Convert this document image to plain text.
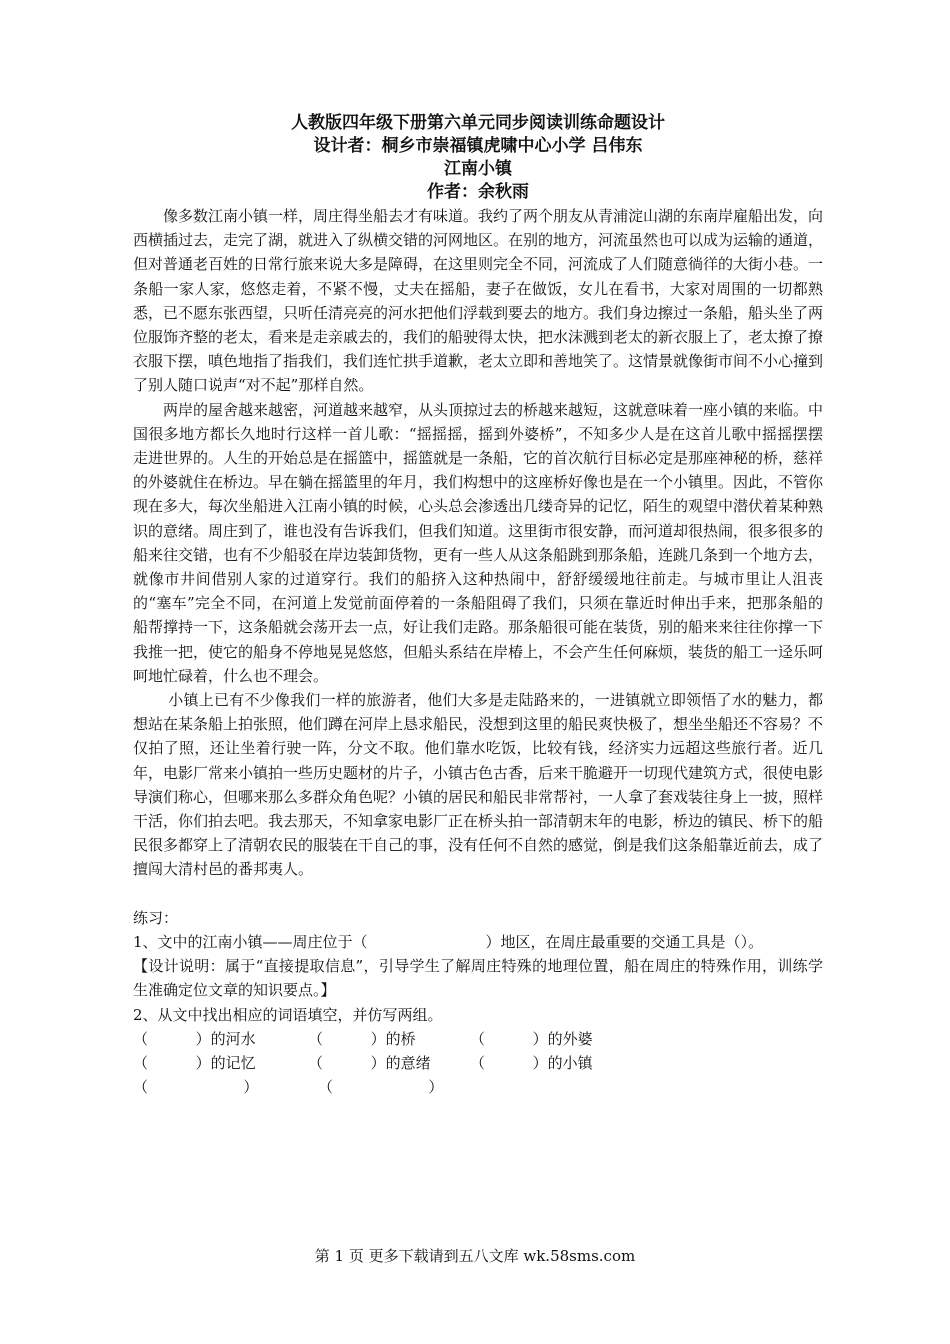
人教版四年级下册第六单元同步阅读训练命题设计

设计者：桐乡市崇福镇虎啸中心小学 吕伟东

江南小镇

作者：余秋雨

像多数江南小镇一样，周庄得坐船去才有味道。我约了两个朋友从青浦淀山湖的东南岸雇船出发，向西横插过去，走完了湖，就进入了纵横交错的河网地区。在别的地方，河流虽然也可以成为运输的通道，但对普通老百姓的日常行旅来说大多是障碍，在这里则完全不同，河流成了人们随意徜徉的大街小巷。一条船一家人家，悠悠走着，不紧不慢，丈夫在摇船，妻子在做饭，女儿在看书，大家对周围的一切都熟悉，已不愿东张西望，只听任清亮亮的河水把他们浮载到要去的地方。我们身边擦过一条船，船头坐了两位服饰齐整的老太，看来是走亲戚去的，我们的船驶得太快，把水沫溅到老太的新衣服上了，老太撩了撩衣服下摆，嗔色地指了指我们，我们连忙拱手道歉，老太立即和善地笑了。这情景就像街市间不小心撞到了别人随口说声“对不起”那样自然。

两岸的屋舍越来越密，河道越来越窄，从头顶掠过去的桥越来越短，这就意味着一座小镇的来临。中国很多地方都长久地时行这样一首儿歌：“摇摇摇，摇到外婆桥”，不知多少人是在这首儿歌中摇摇摆摆走进世界的。人生的开始总是在摇篮中，摇篮就是一条船，它的首次航行目标必定是那座神秘的桥，慈祥的外婆就住在桥边。早在躺在摇篮里的年月，我们构想中的这座桥好像也是在一个小镇里。因此，不管你现在多大，每次坐船进入江南小镇的时候，心头总会渗透出几缕奇异的记忆，陌生的观望中潜伏着某种熟识的意绪。周庄到了，谁也没有告诉我们，但我们知道。这里街市很安静，而河道却很热闹，很多很多的船来往交错，也有不少船驳在岸边装卸货物，更有一些人从这条船跳到那条船，连跳几条到一个地方去，就像市井间借别人家的过道穿行。我们的船挤入这种热闹中，舒舒缓缓地往前走。与城市里让人沮丧的“塞车”完全不同，在河道上发觉前面停着的一条船阻碍了我们，只须在靠近时伸出手来，把那条船的船帮撑持一下，这条船就会荡开去一点，好让我们走路。那条船很可能在装货，别的船来来往往你撑一下我推一把，使它的船身不停地晃晃悠悠，但船头系结在岸椿上，不会产生任何麻烦，装货的船工一迳乐呵呵地忙碌着，什么也不理会。

小镇上已有不少像我们一样的旅游者，他们大多是走陆路来的，一进镇就立即领悟了水的魅力，都想站在某条船上拍张照，他们蹲在河岸上恳求船民，没想到这里的船民爽快极了，想坐坐船还不容易？不仅拍了照，还让坐着行驶一阵，分文不取。他们靠水吃饭，比较有钱，经济实力远超这些旅行者。近几年，电影厂常来小镇拍一些历史题材的片子，小镇古色古香，后来干脆避开一切现代建筑方式，很使电影导演们称心，但哪来那么多群众角色呢？小镇的居民和船民非常帮衬，一人拿了套戏装往身上一披，照样干活，你们拍去吧。我去那天，不知拿家电影厂正在桥头拍一部清朝末年的电影，桥边的镇民、桥下的船民很多都穿上了清朝农民的服装在干自己的事，没有任何不自然的感觉，倒是我们这条船靠近前去，成了擅闯大清村邑的番邦夷人。

练习：

1、文中的江南小镇——周庄位于（	）地区，在周庄最重要的交通工具是（）。

【设计说明：属于“直接提取信息”，引导学生了解周庄特殊的地理位置，船在周庄的特殊作用，训练学生准确定位文章的知识要点。】

2、从文中找出相应的词语填空，并仿写两组。

（          ）的河水	（          ）的桥	（          ）的外婆
（          ）的记忆	（          ）的意绪	（          ）的小镇
（                    ）	（                    ）
第 1 页 更多下载请到五八文库 wk.58sms.com
